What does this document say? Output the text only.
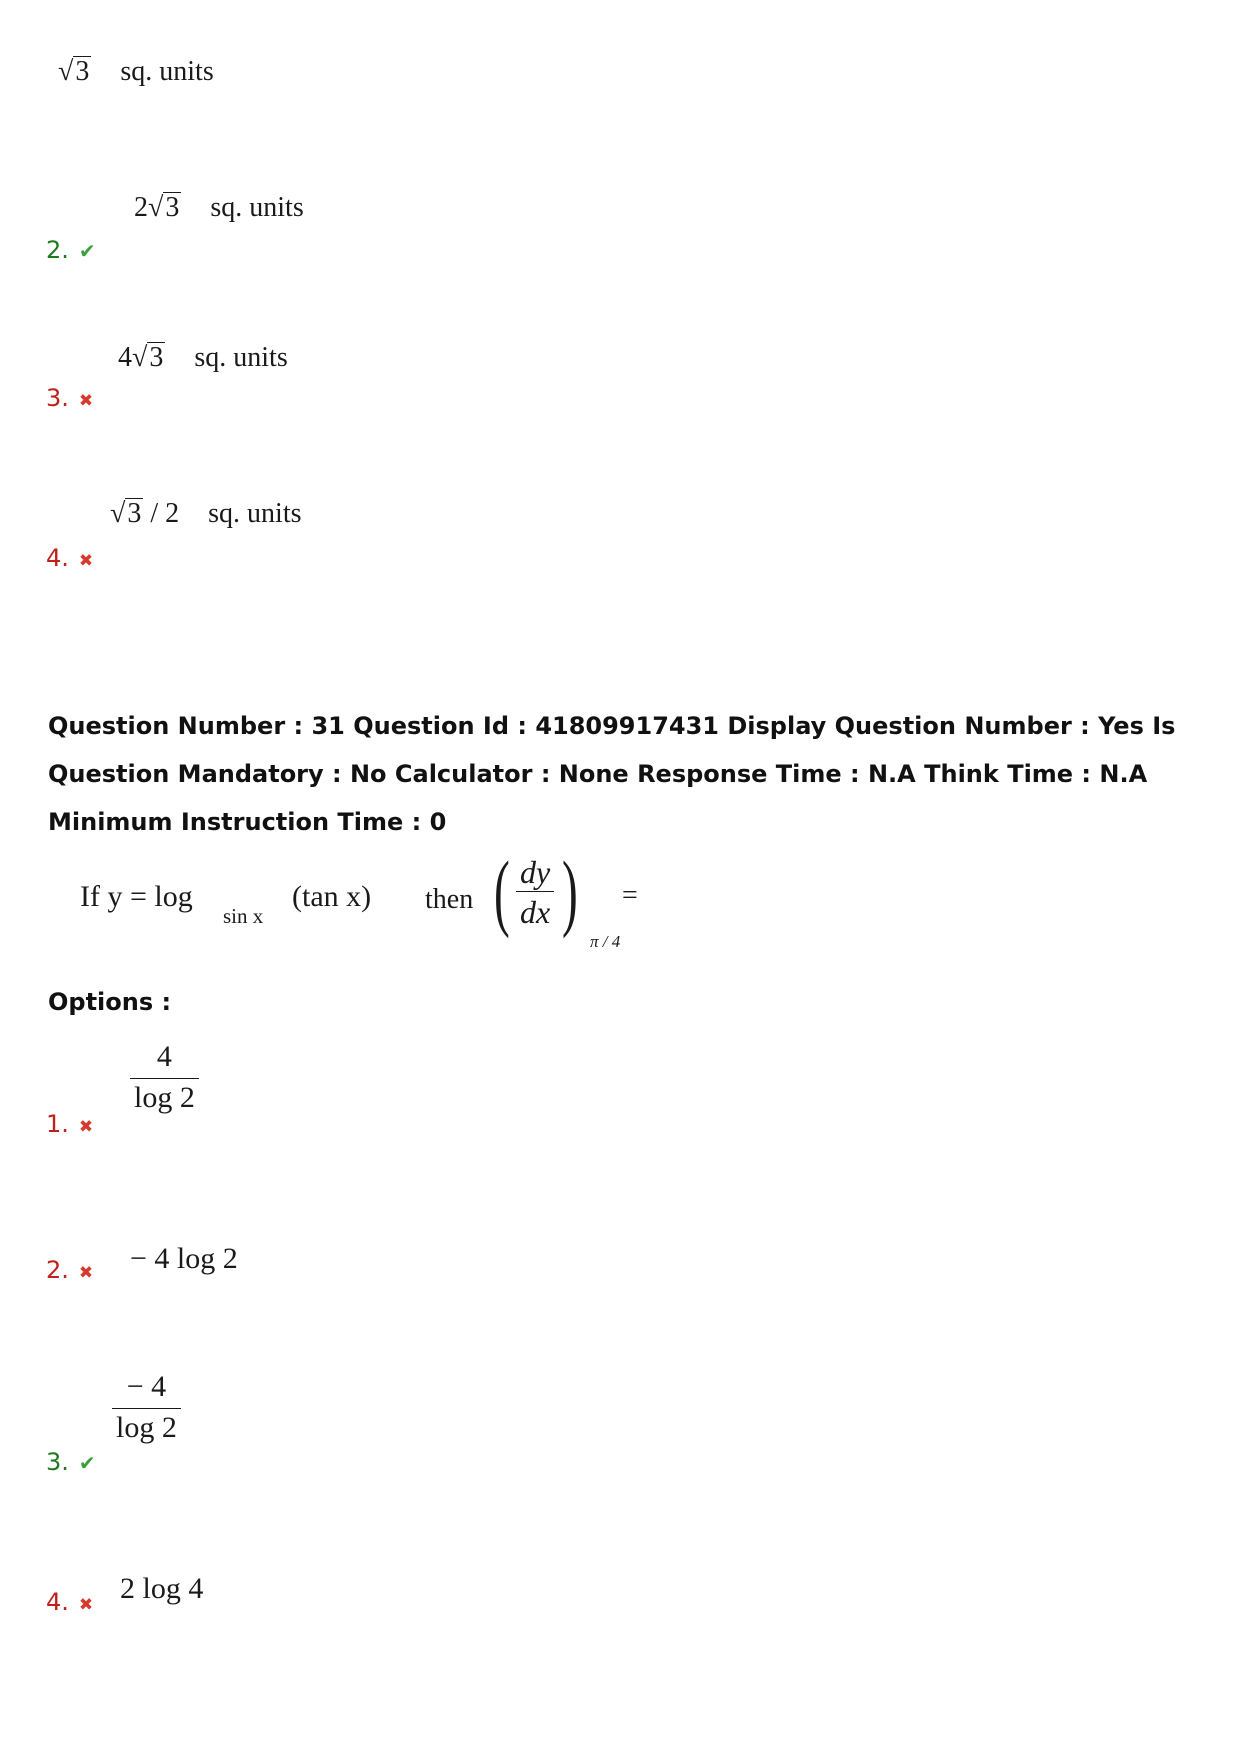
√3 sq. units
2. ✔
2√3 sq. units
3. ✖
4√3 sq. units
4. ✖
√3 / 2 sq. units
Question Number : 31 Question Id : 41809917431 Display Question Number : Yes Is Question Mandatory : No Calculator : None Response Time : N.A Think Time : N.A Minimum Instruction Time : 0
If y = log
sin x
(tan x) then ( $\frac{dy}{dx}$ )
π / 4
=
Options :
1. ✖
$\frac{4}{\log 2}$
2. ✖ − 4 log 2
3. ✔
$\frac{- 4}{\log 2}$
4. ✖ 2 log 4
